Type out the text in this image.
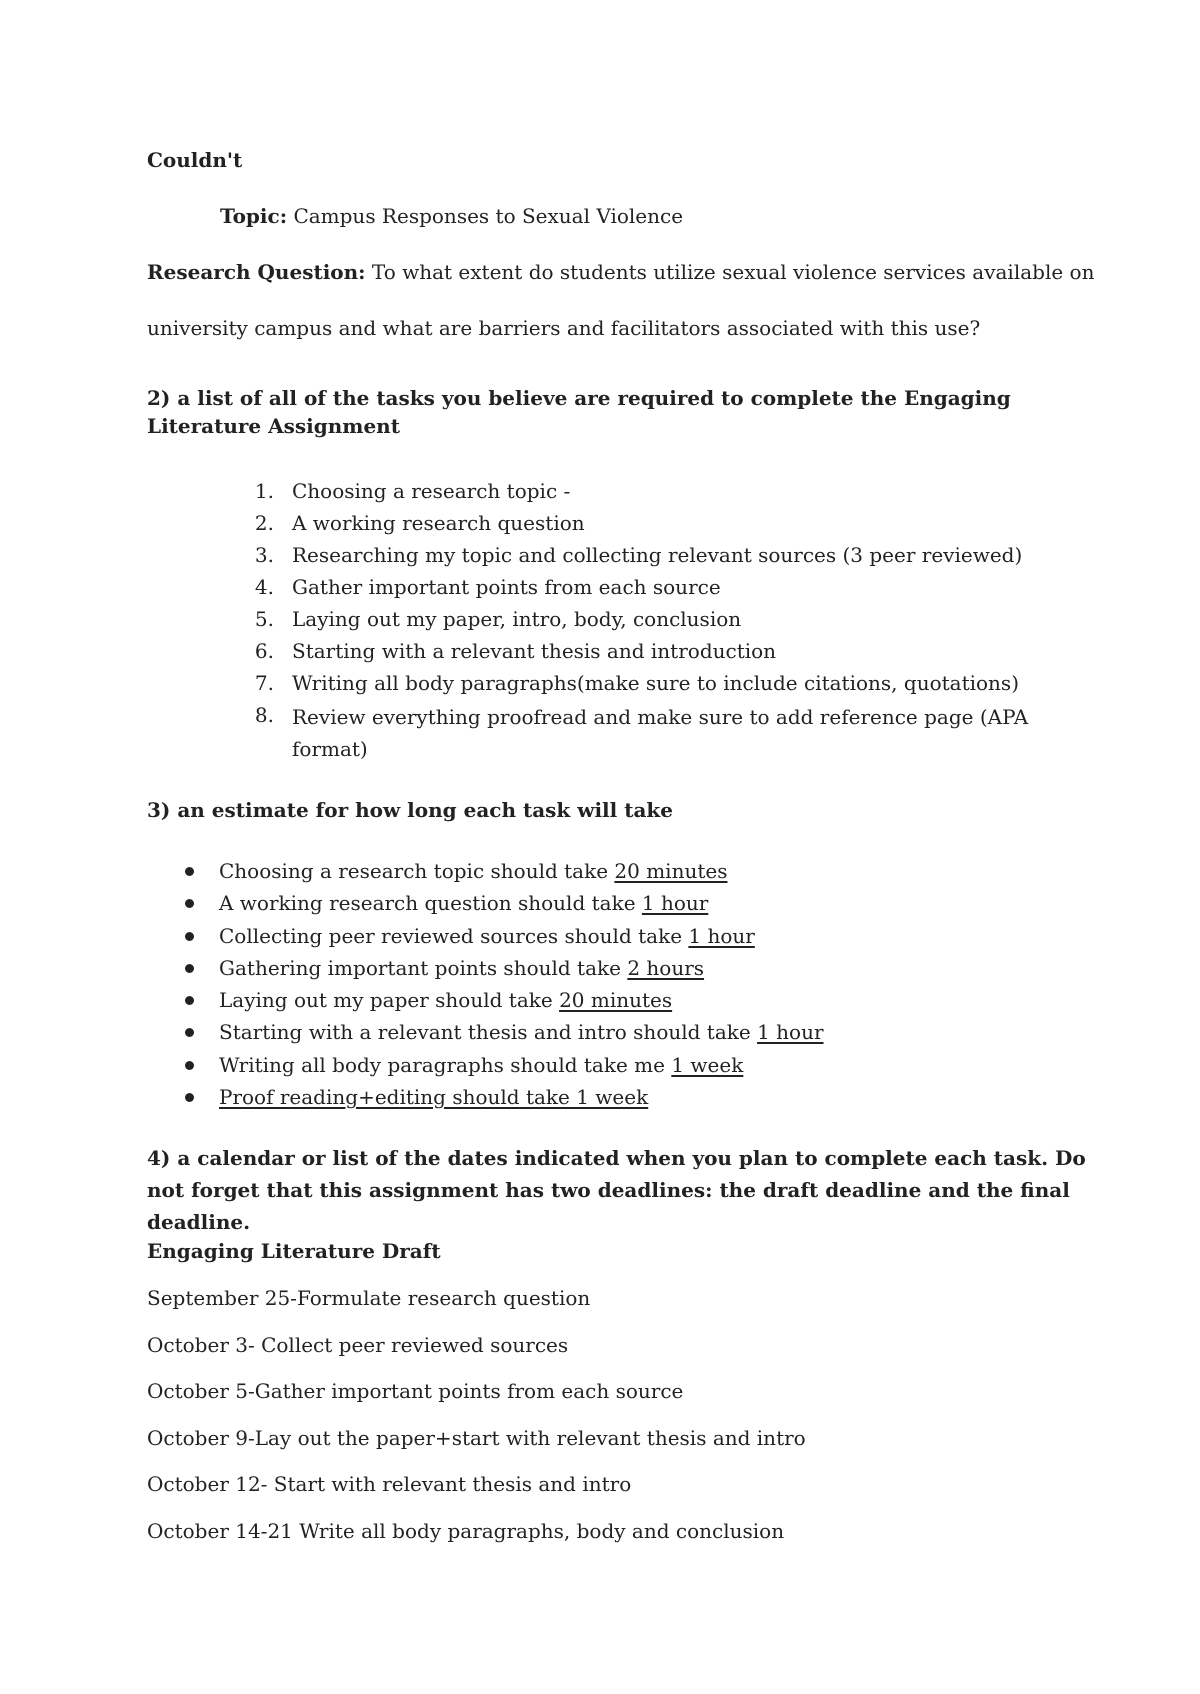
Couldn't
Topic: Campus Responses to Sexual Violence
Research Question: To what extent do students utilize sexual violence services available on
university campus and what are barriers and facilitators associated with this use?
2) a list of all of the tasks you believe are required to complete the Engaging Literature Assignment
1. Choosing a research topic -
2. A working research question
3. Researching my topic and collecting relevant sources (3 peer reviewed)
4. Gather important points from each source
5. Laying out my paper, intro, body, conclusion
6. Starting with a relevant thesis and introduction
7. Writing all body paragraphs(make sure to include citations, quotations)
8. Review everything proofread and make sure to add reference page (APA format)
3) an estimate for how long each task will take
Choosing a research topic should take 20 minutes
A working research question should take 1 hour
Collecting peer reviewed sources should take 1 hour
Gathering important points should take 2 hours
Laying out my paper should take 20 minutes
Starting with a relevant thesis and intro should take 1 hour
Writing all body paragraphs should take me 1 week
Proof reading+editing should take 1 week
4) a calendar or list of the dates indicated when you plan to complete each task. Do not forget that this assignment has two deadlines: the draft deadline and the final deadline.
Engaging Literature Draft
September 25-Formulate research question
October 3- Collect peer reviewed sources
October 5-Gather important points from each source
October 9-Lay out the paper+start with relevant thesis and intro
October 12- Start with relevant thesis and intro
October 14-21 Write all body paragraphs, body and conclusion
